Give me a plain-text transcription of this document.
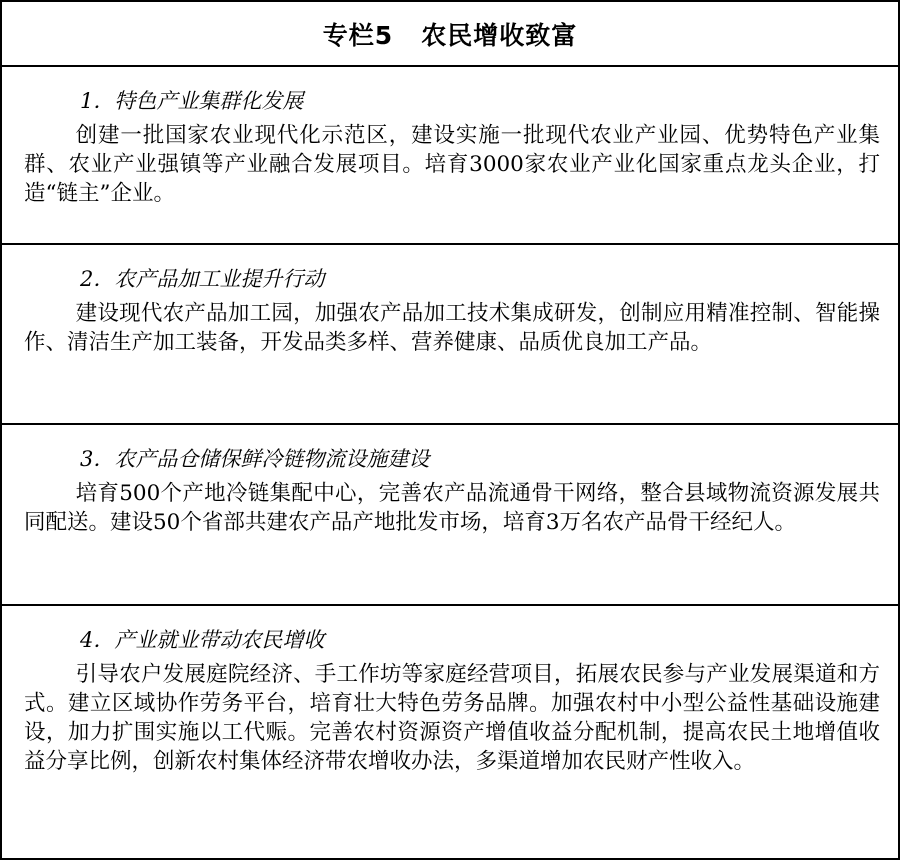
专栏5 农民增收致富
1．特色产业集群化发展

创建一批国家农业现代化示范区，建设实施一批现代农业产业园、优势特色产业集群、农业产业强镇等产业融合发展项目。培育3000家农业产业化国家重点龙头企业，打造“链主”企业。

2．农产品加工业提升行动

建设现代农产品加工园，加强农产品加工技术集成研发，创制应用精准控制、智能操作、清洁生产加工装备，开发品类多样、营养健康、品质优良加工产品。

3．农产品仓储保鲜冷链物流设施建设

培育500个产地冷链集配中心，完善农产品流通骨干网络，整合县域物流资源发展共同配送。建设50个省部共建农产品产地批发市场，培育3万名农产品骨干经纪人。

4．产业就业带动农民增收

引导农户发展庭院经济、手工作坊等家庭经营项目，拓展农民参与产业发展渠道和方式。建立区域协作劳务平台，培育壮大特色劳务品牌。加强农村中小型公益性基础设施建设，加力扩围实施以工代赈。完善农村资源资产增值收益分配机制，提高农民土地增值收益分享比例，创新农村集体经济带农增收办法，多渠道增加农民财产性收入。
